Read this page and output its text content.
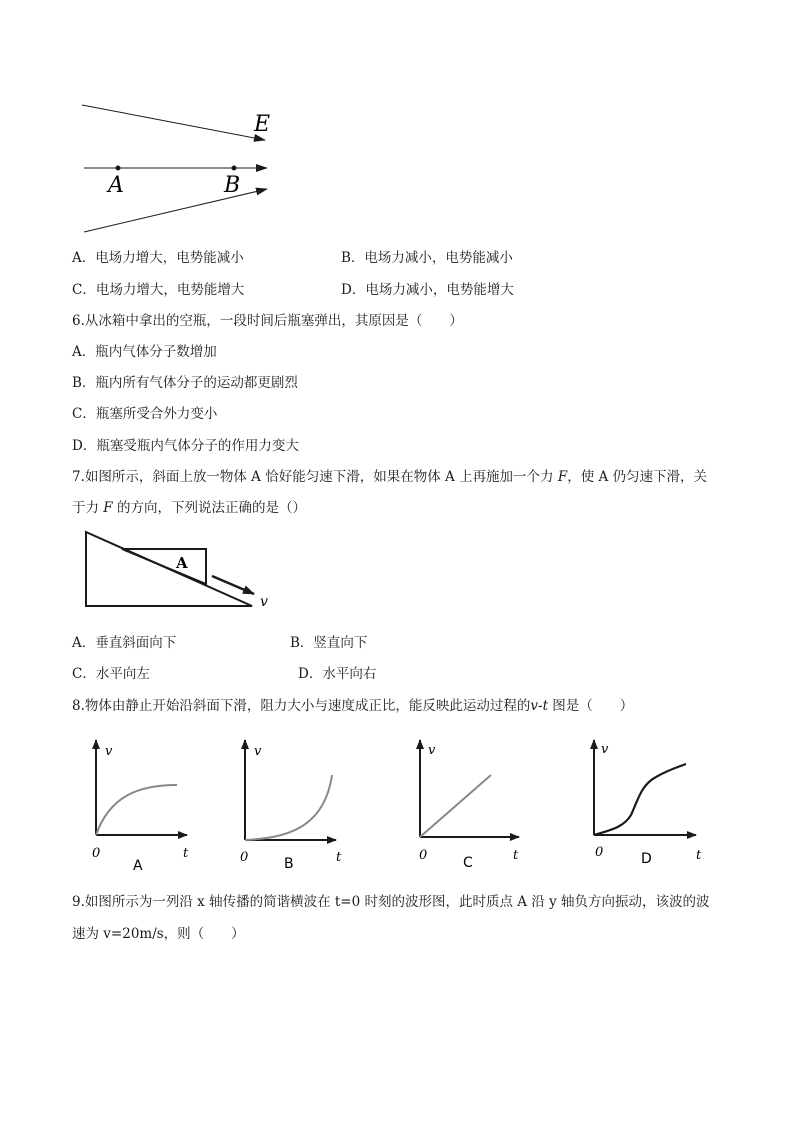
E
A	B
A．电场力增大，电势能减小	B．电场力减小，电势能减小
C．电场力增大，电势能增大	D．电场力减小，电势能增大
6.从冰箱中拿出的空瓶，一段时间后瓶塞弹出，其原因是（　　）
A．瓶内气体分子数增加
B．瓶内所有气体分子的运动都更剧烈
C．瓶塞所受合外力变小
D．瓶塞受瓶内气体分子的作用力变大
7.如图所示，斜面上放一物体 A 恰好能匀速下滑，如果在物体 A 上再施加一个力 F，使 A 仍匀速下滑，关
于力 F 的方向，下列说法正确的是（）
A
v
A．垂直斜面向下	B．竖直向下
C．水平向左	D．水平向右
8.物体由静止开始沿斜面下滑，阻力大小与速度成正比，能反映此运动过程的v-t 图是（　　）
v
t
0
A
v
t
0	B
v
t
0	C
v
t
0	D
9.如图所示为一列沿 x 轴传播的简谐横波在 t=0 时刻的波形图，此时质点 A 沿 y 轴负方向振动，该波的波
速为 v=20m/s，则（　　）
